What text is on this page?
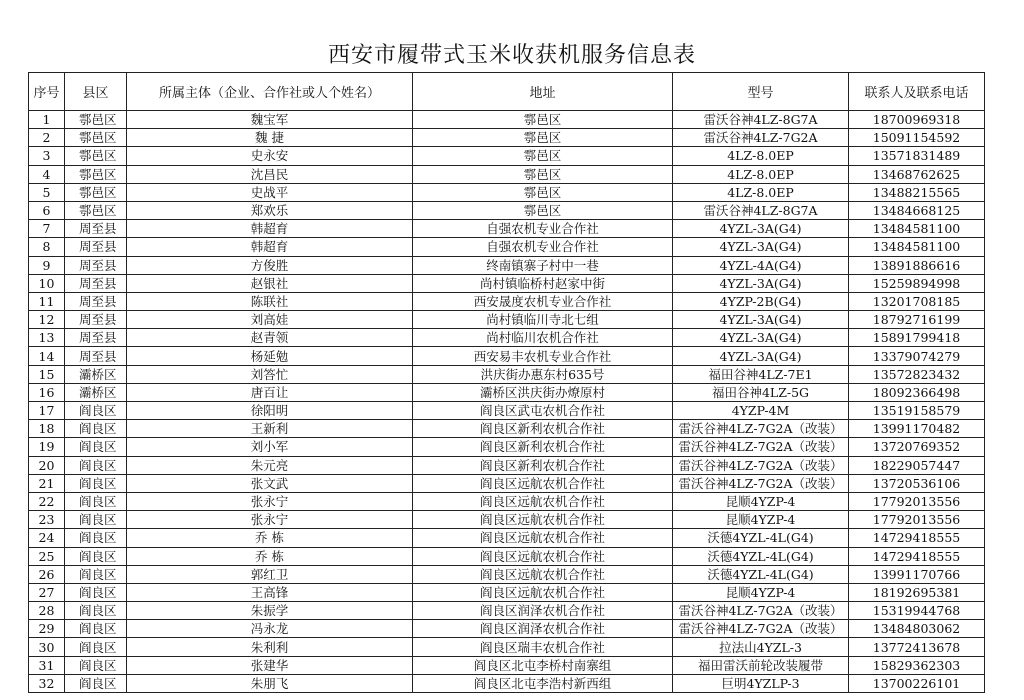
西安市履带式玉米收获机服务信息表
序号	县区	所属主体（企业、合作社或人个姓名）	地址	型号	联系人及联系电话
1	鄠邑区	魏宝军	鄠邑区	雷沃谷神4LZ-8G7A	18700969318
2	鄠邑区	魏 捷	鄠邑区	雷沃谷神4LZ-7G2A	15091154592
3	鄠邑区	史永安	鄠邑区	4LZ-8.0EP	13571831489
4	鄠邑区	沈昌民	鄠邑区	4LZ-8.0EP	13468762625
5	鄠邑区	史战平	鄠邑区	4LZ-8.0EP	13488215565
6	鄠邑区	郑欢乐	鄠邑区	雷沃谷神4LZ-8G7A	13484668125
7	周至县	韩超育	自强农机专业合作社	4YZL-3A(G4)	13484581100
8	周至县	韩超育	自强农机专业合作社	4YZL-3A(G4)	13484581100
9	周至县	方俊胜	终南镇寨子村中一巷	4YZL-4A(G4)	13891886616
10	周至县	赵银社	尚村镇临桥村赵家中街	4YZL-3A(G4)	15259894998
11	周至县	陈联社	西安晟度农机专业合作社	4YZP-2B(G4)	13201708185
12	周至县	刘高娃	尚村镇临川寺北七组	4YZL-3A(G4)	18792716199
13	周至县	赵青领	尚村临川农机合作社	4YZL-3A(G4)	15891799418
14	周至县	杨延勉	西安易丰农机专业合作社	4YZL-3A(G4)	13379074279
15	灞桥区	刘答忙	洪庆街办惠东村635号	福田谷神4LZ-7E1	13572823432
16	灞桥区	唐百让	灞桥区洪庆街办燎原村	福田谷神4LZ-5G	18092366498
17	阎良区	徐阳明	阎良区武屯农机合作社	4YZP-4M	13519158579
18	阎良区	王新利	阎良区新利农机合作社	雷沃谷神4LZ-7G2A（改装）	13991170482
19	阎良区	刘小军	阎良区新利农机合作社	雷沃谷神4LZ-7G2A（改装）	13720769352
20	阎良区	朱元亮	阎良区新利农机合作社	雷沃谷神4LZ-7G2A（改装）	18229057447
21	阎良区	张文武	阎良区远航农机合作社	雷沃谷神4LZ-7G2A（改装）	13720536106
22	阎良区	张永宁	阎良区远航农机合作社	昆顺4YZP-4	17792013556
23	阎良区	张永宁	阎良区远航农机合作社	昆顺4YZP-4	17792013556
24	阎良区	乔 栋	阎良区远航农机合作社	沃德4YZL-4L(G4)	14729418555
25	阎良区	乔 栋	阎良区远航农机合作社	沃德4YZL-4L(G4)	14729418555
26	阎良区	郭红卫	阎良区远航农机合作社	沃德4YZL-4L(G4)	13991170766
27	阎良区	王高锋	阎良区远航农机合作社	昆顺4YZP-4	18192695381
28	阎良区	朱振学	阎良区润泽农机合作社	雷沃谷神4LZ-7G2A（改装）	15319944768
29	阎良区	冯永龙	阎良区润泽农机合作社	雷沃谷神4LZ-7G2A（改装）	13484803062
30	阎良区	朱利利	阎良区瑞丰农机合作社	拉法山4YZL-3	13772413678
31	阎良区	张建华	阎良区北屯李桥村南寨组	福田雷沃前轮改装履带	15829362303
32	阎良区	朱朋飞	阎良区北屯李浩村新西组	巨明4YZLP-3	13700226101
